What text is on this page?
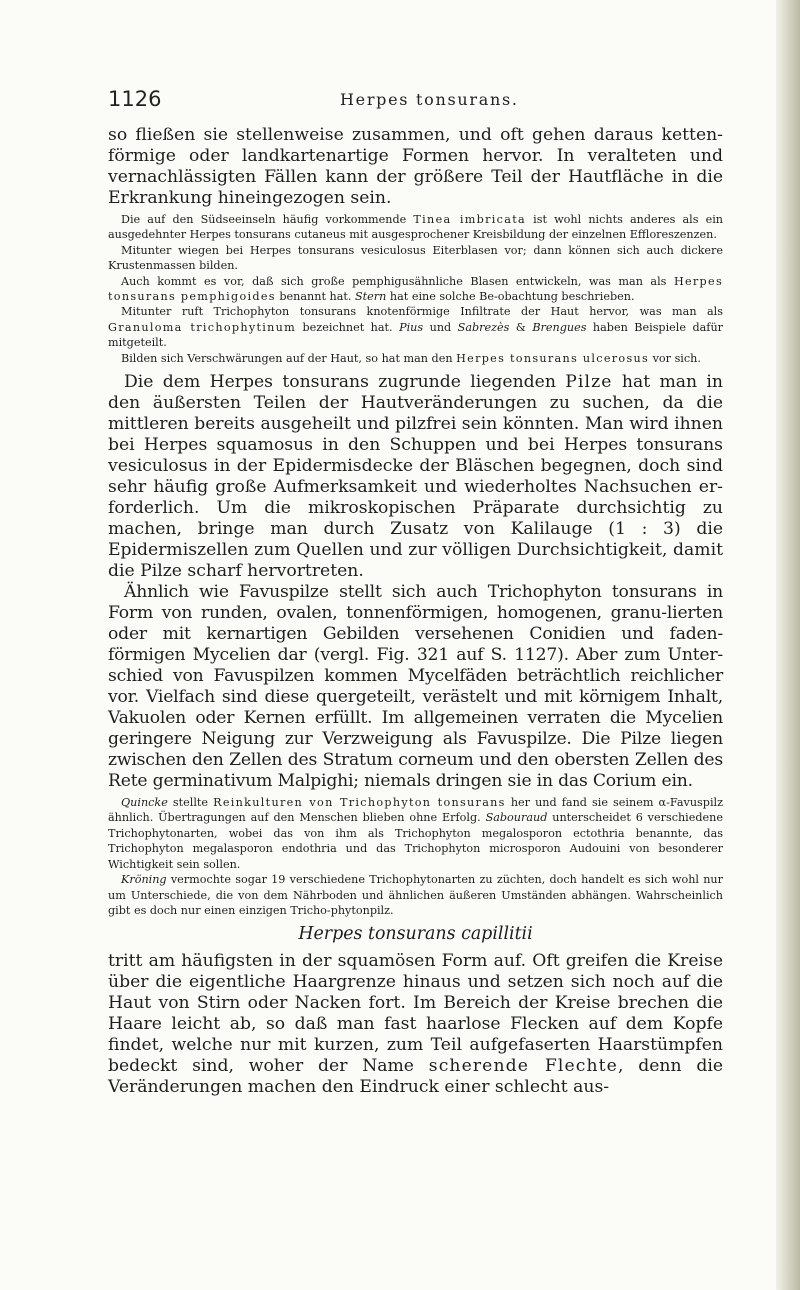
1126	Herpes tonsurans.

so fließen sie stellenweise zusammen, und oft gehen daraus ketten-förmige oder landkartenartige Formen hervor. In veralteten und vernachlässigten Fällen kann der größere Teil der Hautfläche in die Erkrankung hineingezogen sein.

Die auf den Südseeinseln häufig vorkommende Tinea imbricata ist wohl nichts anderes als ein ausgedehnter Herpes tonsurans cutaneus mit ausgesprochener Kreisbildung der einzelnen Effloreszenzen.

Mitunter wiegen bei Herpes tonsurans vesiculosus Eiterblasen vor; dann können sich auch dickere Krustenmassen bilden.

Auch kommt es vor, daß sich große pemphigusähnliche Blasen entwickeln, was man als Herpes tonsurans pemphigoides benannt hat. Stern hat eine solche Be-obachtung beschrieben.

Mitunter ruft Trichophyton tonsurans knotenförmige Infiltrate der Haut hervor, was man als Granuloma trichophytinum bezeichnet hat. Pius und Sabrezès & Brengues haben Beispiele dafür mitgeteilt.

Bilden sich Verschwärungen auf der Haut, so hat man den Herpes tonsurans ulcerosus vor sich.

Die dem Herpes tonsurans zugrunde liegenden Pilze hat man in den äußersten Teilen der Hautveränderungen zu suchen, da die mittleren bereits ausgeheilt und pilzfrei sein könnten. Man wird ihnen bei Herpes squamosus in den Schuppen und bei Herpes tonsurans vesiculosus in der Epidermisdecke der Bläschen begegnen, doch sind sehr häufig große Aufmerksamkeit und wiederholtes Nachsuchen er-forderlich. Um die mikroskopischen Präparate durchsichtig zu machen, bringe man durch Zusatz von Kalilauge (1 : 3) die Epidermiszellen zum Quellen und zur völligen Durchsichtigkeit, damit die Pilze scharf hervortreten.

Ähnlich wie Favuspilze stellt sich auch Trichophyton tonsurans in Form von runden, ovalen, tonnenförmigen, homogenen, granu-lierten oder mit kernartigen Gebilden versehenen Conidien und faden-förmigen Mycelien dar (vergl. Fig. 321 auf S. 1127). Aber zum Unter-schied von Favuspilzen kommen Mycelfäden beträchtlich reichlicher vor. Vielfach sind diese quergeteilt, verästelt und mit körnigem Inhalt, Vakuolen oder Kernen erfüllt. Im allgemeinen verraten die Mycelien geringere Neigung zur Verzweigung als Favuspilze. Die Pilze liegen zwischen den Zellen des Stratum corneum und den obersten Zellen des Rete germinativum Malpighi; niemals dringen sie in das Corium ein.

Quincke stellte Reinkulturen von Trichophyton tonsurans her und fand sie seinem α-Favuspilz ähnlich. Übertragungen auf den Menschen blieben ohne Erfolg. Sabouraud unterscheidet 6 verschiedene Trichophytonarten, wobei das von ihm als Trichophyton megalosporon ectothria benannte, das Trichophyton megalasporon endothria und das Trichophyton microsporon Audouini von besonderer Wichtigkeit sein sollen.

Kröning vermochte sogar 19 verschiedene Trichophytonarten zu züchten, doch handelt es sich wohl nur um Unterschiede, die von dem Nährboden und ähnlichen äußeren Umständen abhängen. Wahrscheinlich gibt es doch nur einen einzigen Tricho-phytonpilz.

Herpes tonsurans capillitii

tritt am häufigsten in der squamösen Form auf. Oft greifen die Kreise über die eigentliche Haargrenze hinaus und setzen sich noch auf die Haut von Stirn oder Nacken fort. Im Bereich der Kreise brechen die Haare leicht ab, so daß man fast haarlose Flecken auf dem Kopfe findet, welche nur mit kurzen, zum Teil aufgefaserten Haarstümpfen bedeckt sind, woher der Name scherende Flechte, denn die Veränderungen machen den Eindruck einer schlecht aus-
